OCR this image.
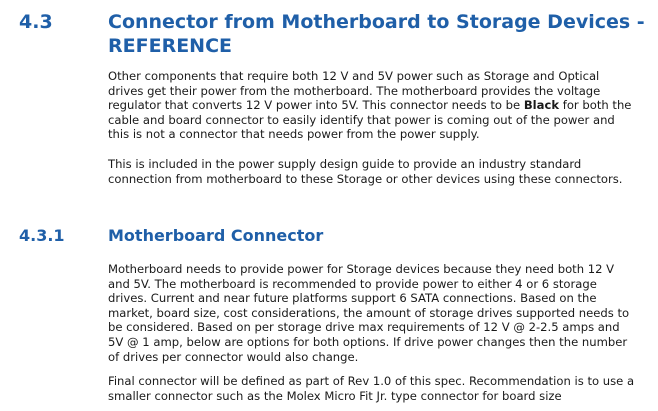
4.3	Connector from Motherboard to Storage Devices - REFERENCE

Other components that require both 12 V and 5V power such as Storage and Optical drives get their power from the motherboard. The motherboard provides the voltage regulator that converts 12 V power into 5V. This connector needs to be Black for both the cable and board connector to easily identify that power is coming out of the power and this is not a connector that needs power from the power supply.

This is included in the power supply design guide to provide an industry standard connection from motherboard to these Storage or other devices using these connectors.

4.3.1	Motherboard Connector

Motherboard needs to provide power for Storage devices because they need both 12 V and 5V. The motherboard is recommended to provide power to either 4 or 6 storage drives. Current and near future platforms support 6 SATA connections. Based on the market, board size, cost considerations, the amount of storage drives supported needs to be considered. Based on per storage drive max requirements of 12 V @ 2-2.5 amps and 5V @ 1 amp, below are options for both options. If drive power changes then the number of drives per connector would also change.

Final connector will be defined as part of Rev 1.0 of this spec. Recommendation is to use a smaller connector such as the Molex Micro Fit Jr. type connector for board size
